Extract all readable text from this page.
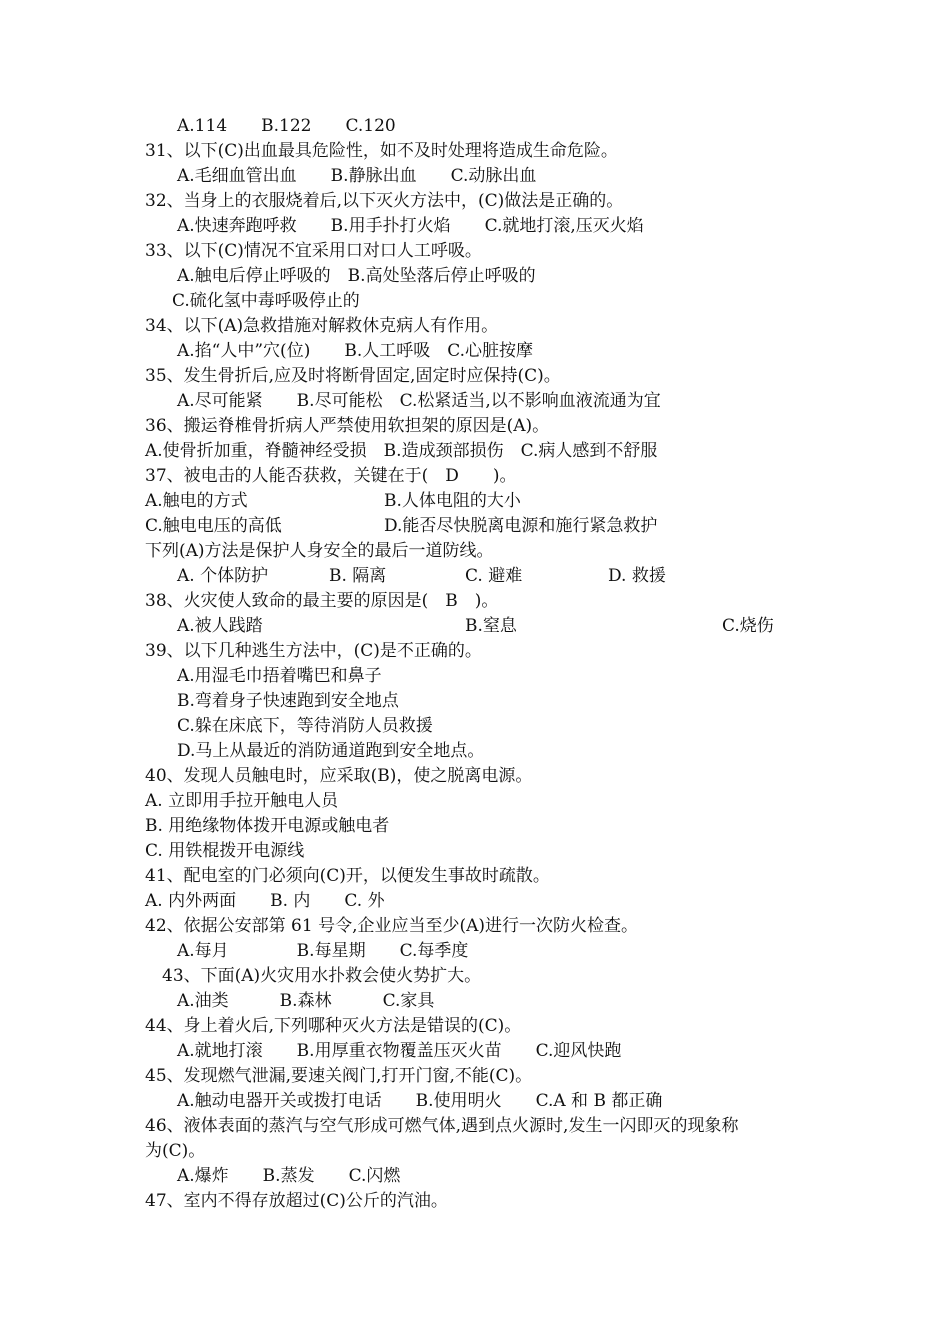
A.114　　B.122　　C.120
31、以下(C)出血最具危险性，如不及时处理将造成生命危险。
A.毛细血管出血　　B.静脉出血　　C.动脉出血
32、当身上的衣服烧着后,以下灭火方法中，(C)做法是正确的。
A.快速奔跑呼救　　B.用手扑打火焰　　C.就地打滚,压灭火焰
33、以下(C)情况不宜采用口对口人工呼吸。
A.触电后停止呼吸的　B.高处坠落后停止呼吸的
C.硫化氢中毒呼吸停止的
34、以下(A)急救措施对解救休克病人有作用。
A.掐“人中”穴(位)　　B.人工呼吸　C.心脏按摩
35、发生骨折后,应及时将断骨固定,固定时应保持(C)。
A.尽可能紧　　B.尽可能松　C.松紧适当,以不影响血液流通为宜
36、搬运脊椎骨折病人严禁使用软担架的原因是(A)。
A.使骨折加重，脊髓神经受损　B.造成颈部损伤　C.病人感到不舒服
37、被电击的人能否获救，关键在于(　D　　)。
A.触电的方式	B.人体电阻的大小
C.触电电压的高低	D.能否尽快脱离电源和施行紧急救护
下列(A)方法是保护人身安全的最后一道防线。
A. 个体防护	B. 隔离	C. 避难	D. 救援
38、火灾使人致命的最主要的原因是(　B　)。
A.被人践踏	B.窒息	C.烧伤
39、以下几种逃生方法中，(C)是不正确的。
A.用湿毛巾捂着嘴巴和鼻子
B.弯着身子快速跑到安全地点
C.躲在床底下，等待消防人员救援
D.马上从最近的消防通道跑到安全地点。
40、发现人员触电时，应采取(B)，使之脱离电源。
A. 立即用手拉开触电人员
B. 用绝缘物体拨开电源或触电者
C. 用铁棍拨开电源线
41、配电室的门必须向(C)开，以便发生事故时疏散。
A. 内外两面　　B. 内　　C. 外
42、依据公安部第 61 号令,企业应当至少(A)进行一次防火检查。
A.每月　　　　B.每星期　　C.每季度
43、下面(A)火灾用水扑救会使火势扩大。
A.油类　　　B.森林　　　C.家具
44、身上着火后,下列哪种灭火方法是错误的(C)。
A.就地打滚　　B.用厚重衣物覆盖压灭火苗　　C.迎风快跑
45、发现燃气泄漏,要速关阀门,打开门窗,不能(C)。
A.触动电器开关或拨打电话　　B.使用明火　　C.A 和 B 都正确
46、液体表面的蒸汽与空气形成可燃气体,遇到点火源时,发生一闪即灭的现象称
为(C)。
A.爆炸　　B.蒸发　　C.闪燃
47、室内不得存放超过(C)公斤的汽油。
